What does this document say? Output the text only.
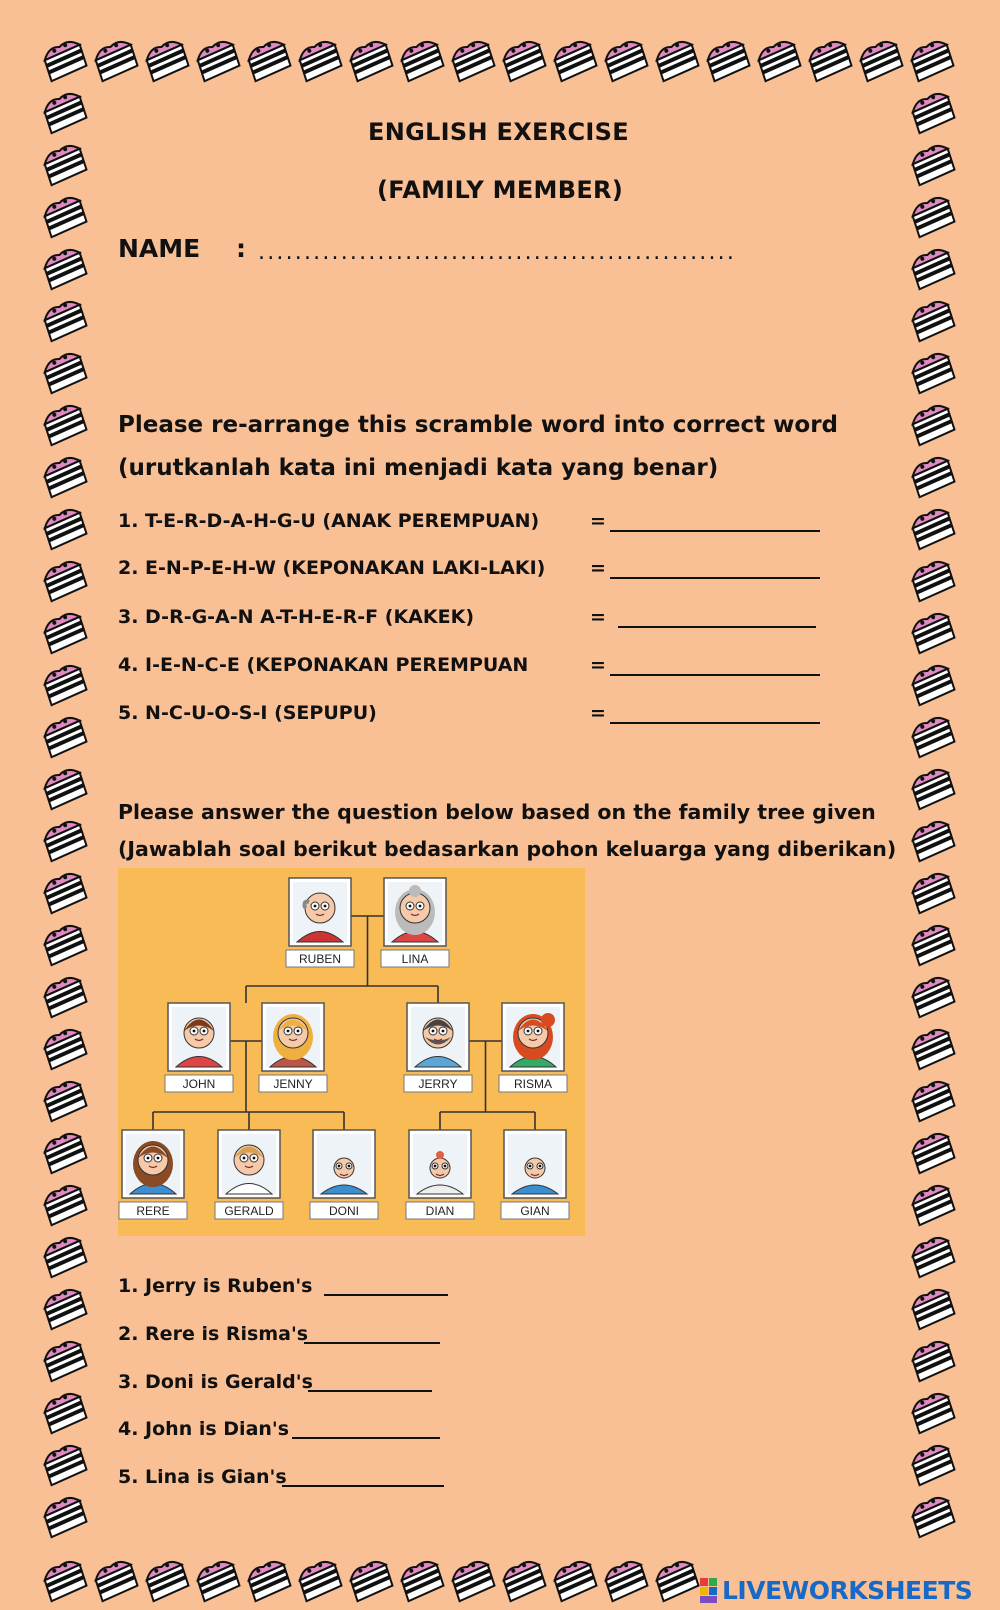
ENGLISH EXERCISE
(FAMILY MEMBER)
NAME : ....................................................
Please re-arrange this scramble word into correct word
(urutkanlah kata ini menjadi kata yang benar)
1. T-E-R-D-A-H-G-U (ANAK PEREMPUAN)	=
2. E-N-P-E-H-W (KEPONAKAN LAKI-LAKI) =
3. D-R-G-A-N A-T-H-E-R-F (KAKEK)	=
4. I-E-N-C-E (KEPONAKAN PEREMPUAN	=
5. N-C-U-O-S-I (SEPUPU)	=
Please answer the question below based on the family tree given
(Jawablah soal berikut bedasarkan pohon keluarga yang diberikan)
RUBEN	LINA
JOHN	JENNY	JERRY	RISMA
RERE	GERALD	DONI	DIAN	GIAN
1. Jerry is Ruben's
2. Rere is Risma's
3. Doni is Gerald's
4. John is Dian's
5. Lina is Gian's
LIVEWORKSHEETS
